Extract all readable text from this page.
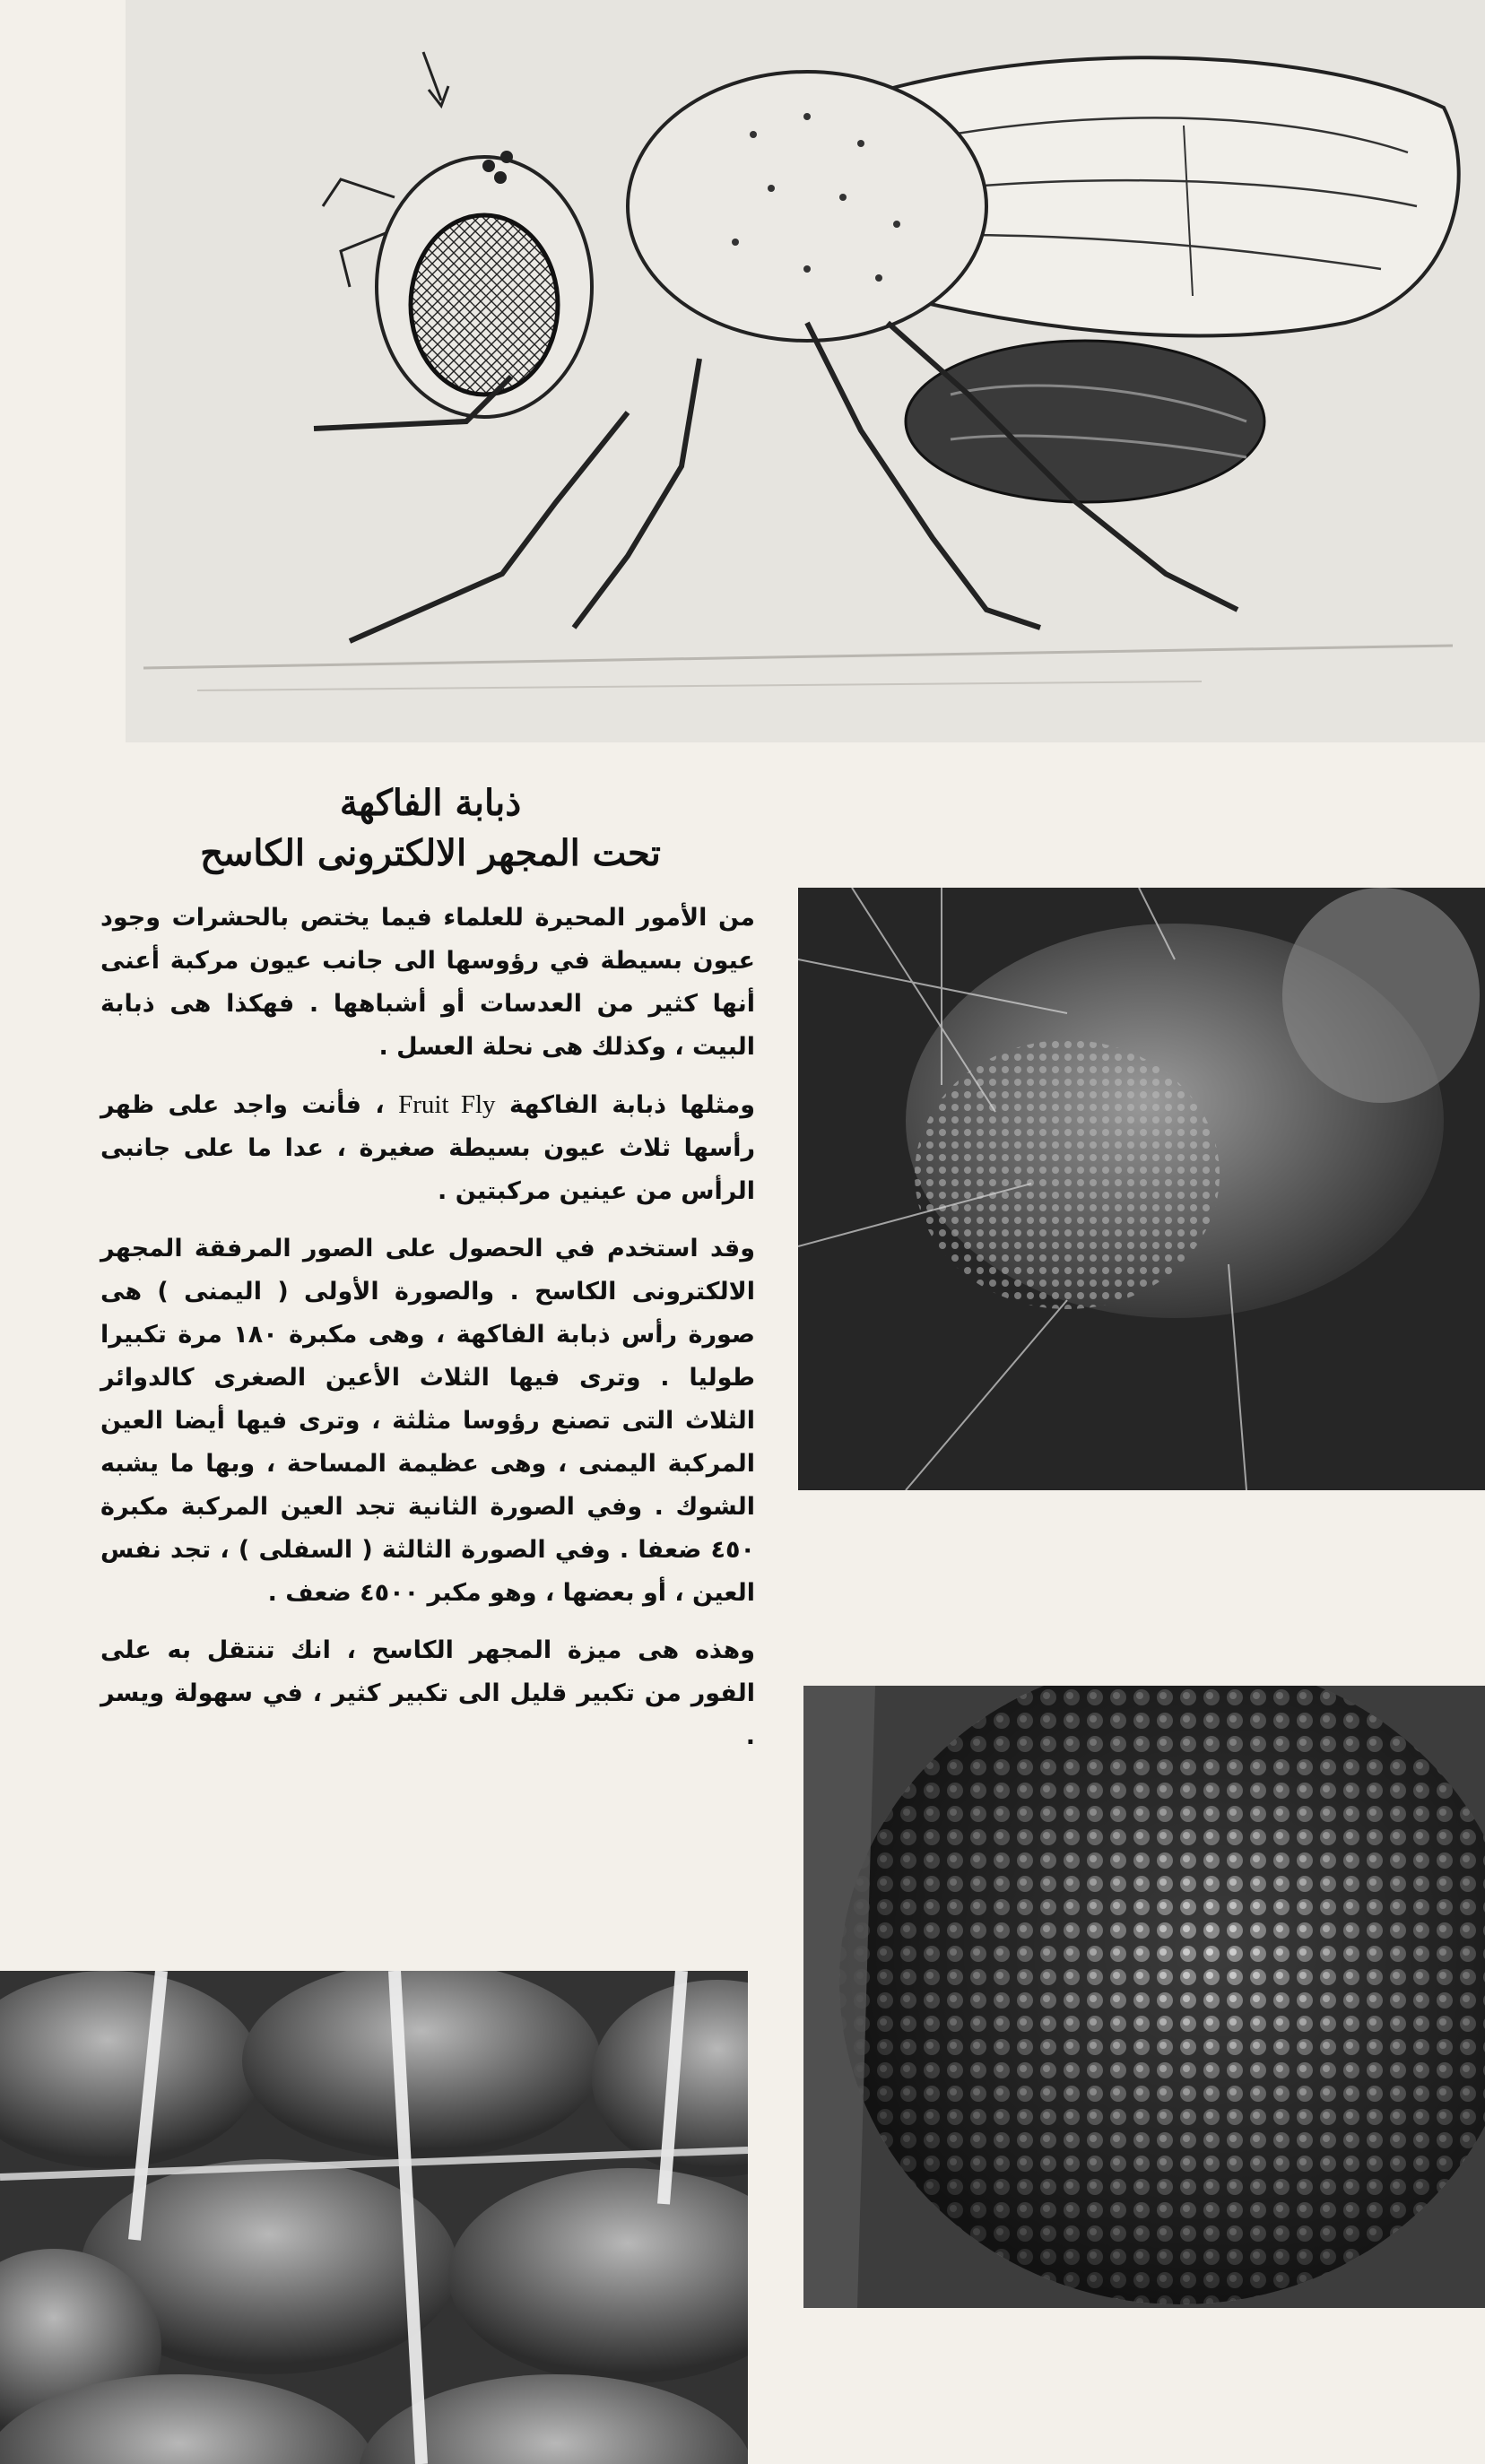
ذبابة الفاكهة

تحت المجهر الالكترونى الكاسح

من الأمور المحيرة للعلماء فيما يختص بالحشرات وجود عيون بسيطة في رؤوسها الى جانب عيون مركبة أعنى أنها كثير من العدسات أو أشباهها . فهكذا هى ذبابة البيت ، وكذلك هى نحلة العسل .

ومثلها ذبابة الفاكهة Fruit Fly ، فأنت واجد على ظهر رأسها ثلاث عيون بسيطة صغيرة ، عدا ما على جانبى الرأس من عينين مركبتين .

وقد استخدم في الحصول على الصور المرفقة المجهر الالكترونى الكاسح . والصورة الأولى ( اليمنى ) هى صورة رأس ذبابة الفاكهة ، وهى مكبرة ١٨٠ مرة تكبيرا طوليا . وترى فيها الثلاث الأعين الصغرى كالدوائر الثلاث التى تصنع رؤوسا مثلثة ، وترى فيها أيضا العين المركبة اليمنى ، وهى عظيمة المساحة ، وبها ما يشبه الشوك . وفي الصورة الثانية تجد العين المركبة مكبرة ٤٥٠ ضعفا . وفي الصورة الثالثة ( السفلى ) ، تجد نفس العين ، أو بعضها ، وهو مكبر ٤٥٠٠ ضعف .

وهذه هى ميزة المجهر الكاسح ، انك تنتقل به على الفور من تكبير قليل الى تكبير كثير ، في سهولة ويسر .
